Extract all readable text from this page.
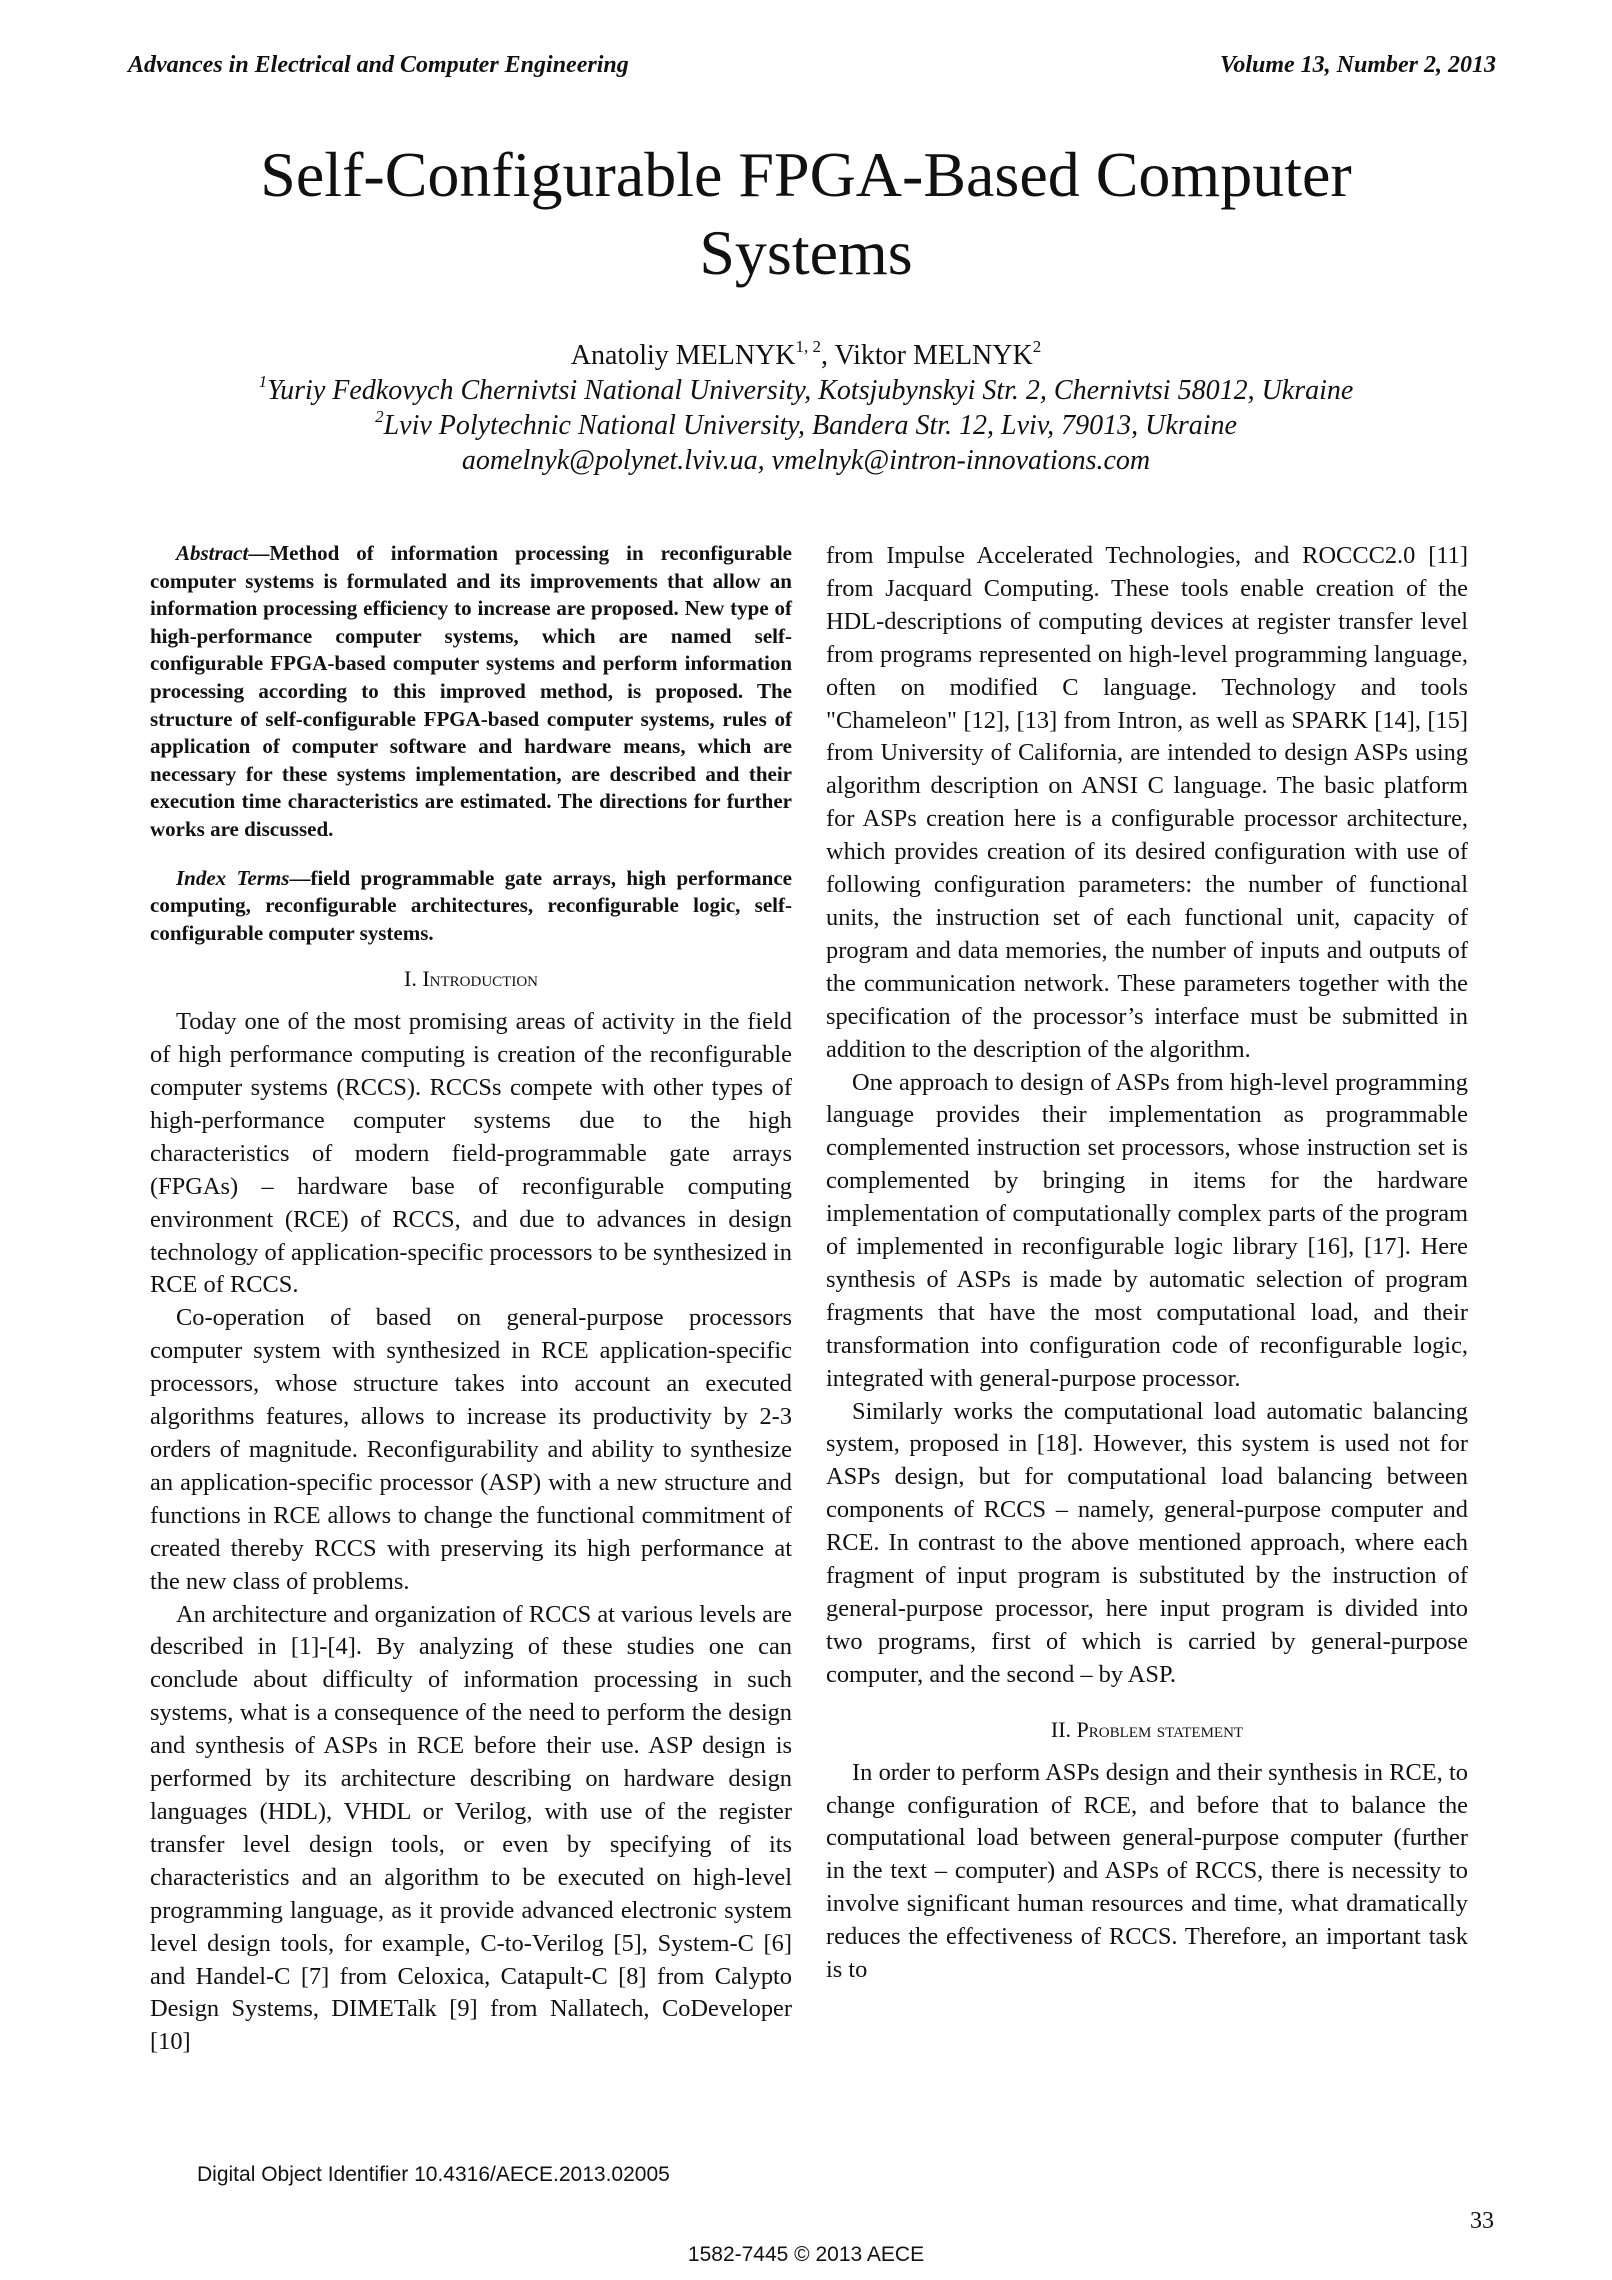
Advances in Electrical and Computer Engineering	Volume 13, Number 2, 2013
Self-Configurable FPGA-Based Computer
Systems
Anatoliy MELNYK$^{1, 2}$, Viktor MELNYK$^2$
$^1$Yuriy Fedkovych Chernivtsi National University, Kotsjubynskyi Str. 2, Chernivtsi 58012, Ukraine
$^2$Lviv Polytechnic National University, Bandera Str. 12, Lviv, 79013, Ukraine
aomelnyk@polynet.lviv.ua, vmelnyk@intron-innovations.com

Abstract—Method of information processing in reconfigurable computer systems is formulated and its improvements that allow an information processing efficiency to increase are proposed. New type of high-performance computer systems, which are named self-configurable FPGA-based computer systems and perform information processing according to this improved method, is proposed. The structure of self-configurable FPGA-based computer systems, rules of application of computer software and hardware means, which are necessary for these systems implementation, are described and their execution time characteristics are estimated. The directions for further works are discussed.

Index Terms—field programmable gate arrays, high performance computing, reconfigurable architectures, reconfigurable logic, self-configurable computer systems.

I. Introduction

Today one of the most promising areas of activity in the field of high performance computing is creation of the reconfigurable computer systems (RCCS). RCCSs compete with other types of high-performance computer systems due to the high characteristics of modern field-programmable gate arrays (FPGAs) – hardware base of reconfigurable computing environment (RCE) of RCCS, and due to advances in design technology of application-specific processors to be synthesized in RCE of RCCS.

Co-operation of based on general-purpose processors computer system with synthesized in RCE application-specific processors, whose structure takes into account an executed algorithms features, allows to increase its productivity by 2-3 orders of magnitude. Reconfigurability and ability to synthesize an application-specific processor (ASP) with a new structure and functions in RCE allows to change the functional commitment of created thereby RCCS with preserving its high performance at the new class of problems.

An architecture and organization of RCCS at various levels are described in [1]-[4]. By analyzing of these studies one can conclude about difficulty of information processing in such systems, what is a consequence of the need to perform the design and synthesis of ASPs in RCE before their use. ASP design is performed by its architecture describing on hardware design languages (HDL), VHDL or Verilog, with use of the register transfer level design tools, or even by specifying of its characteristics and an algorithm to be executed on high-level programming language, as it provide advanced electronic system level design tools, for example, C-to-Verilog [5], System-C [6] and Handel-C [7] from Celoxica, Catapult-C [8] from Calypto Design Systems, DIMETalk [9] from Nallatech, CoDeveloper [10]

from Impulse Accelerated Technologies, and ROCCC2.0 [11] from Jacquard Computing. These tools enable creation of the HDL-descriptions of computing devices at register transfer level from programs represented on high-level programming language, often on modified C language. Technology and tools "Chameleon" [12], [13] from Intron, as well as SPARK [14], [15] from University of California, are intended to design ASPs using algorithm description on ANSI C language. The basic platform for ASPs creation here is a configurable processor architecture, which provides creation of its desired configuration with use of following configuration parameters: the number of functional units, the instruction set of each functional unit, capacity of program and data memories, the number of inputs and outputs of the communication network. These parameters together with the specification of the processor’s interface must be submitted in addition to the description of the algorithm.

One approach to design of ASPs from high-level programming language provides their implementation as programmable complemented instruction set processors, whose instruction set is complemented by bringing in items for the hardware implementation of computationally complex parts of the program of implemented in reconfigurable logic library [16], [17]. Here synthesis of ASPs is made by automatic selection of program fragments that have the most computational load, and their transformation into configuration code of reconfigurable logic, integrated with general-purpose processor.

Similarly works the computational load automatic balancing system, proposed in [18]. However, this system is used not for ASPs design, but for computational load balancing between components of RCCS – namely, general-purpose computer and RCE. In contrast to the above mentioned approach, where each fragment of input program is substituted by the instruction of general-purpose processor, here input program is divided into two programs, first of which is carried by general-purpose computer, and the second – by ASP.

II. Problem statement

In order to perform ASPs design and their synthesis in RCE, to change configuration of RCE, and before that to balance the computational load between general-purpose computer (further in the text – computer) and ASPs of RCCS, there is necessity to involve significant human resources and time, what dramatically reduces the effectiveness of RCCS. Therefore, an important task is to

Digital Object Identifier 10.4316/AECE.2013.02005
33
1582-7445 © 2013 AECE
